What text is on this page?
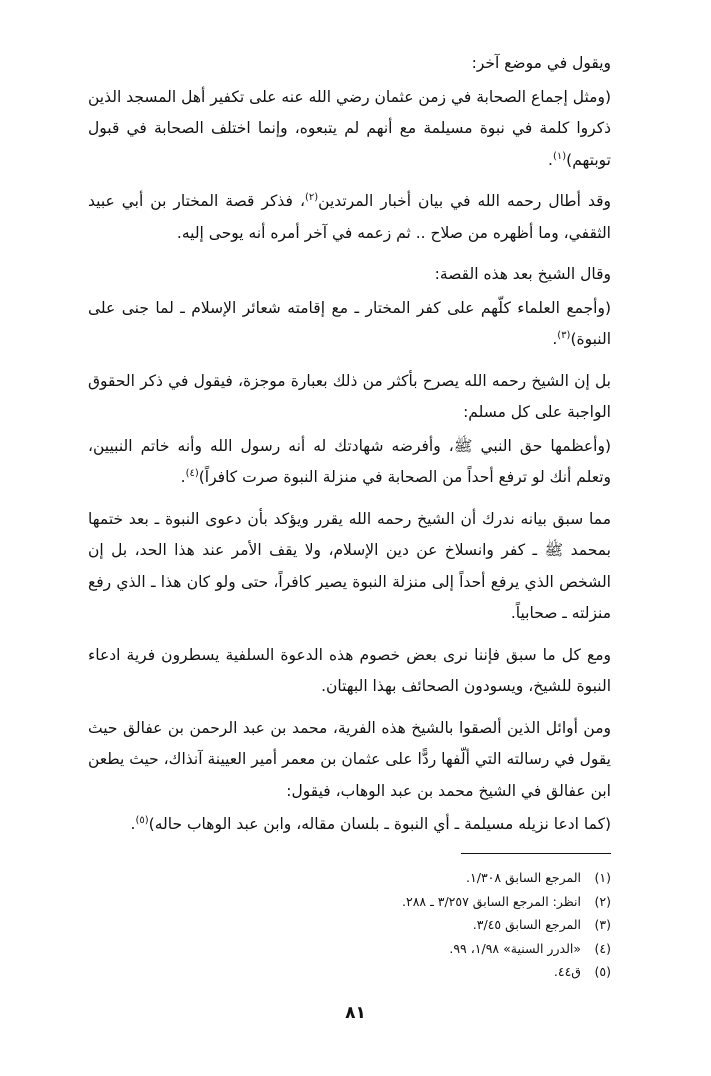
ويقول في موضع آخر:

(ومثل إجماع الصحابة في زمن عثمان رضي الله عنه على تكفير أهل المسجد الذين ذكروا كلمة في نبوة مسيلمة مع أنهم لم يتبعوه، وإنما اختلف الصحابة في قبول توبتهم)$^{(١)}$.

وقد أطال رحمه الله في بيان أخبار المرتدين$^{(٢)}$، فذكر قصة المختار بن أبي عبيد الثقفي، وما أظهره من صلاح .. ثم زعمه في آخر أمره أنه يوحى إليه.

وقال الشيخ بعد هذه القصة:

(وأجمع العلماء كلّهم على كفر المختار ـ مع إقامته شعائر الإسلام ـ لما جنى على النبوة)$^{(٣)}$.

بل إن الشيخ رحمه الله يصرح بأكثر من ذلك بعبارة موجزة، فيقول في ذكر الحقوق الواجبة على كل مسلم:

(وأعظمها حق النبي ﷺ، وأفرضه شهادتك له أنه رسول الله وأنه خاتم النبيين، وتعلم أنك لو ترفع أحداً من الصحابة في منزلة النبوة صرت كافراً)$^{(٤)}$.

مما سبق بيانه ندرك أن الشيخ رحمه الله يقرر ويؤكد بأن دعوى النبوة ـ بعد ختمها بمحمد ﷺ ـ كفر وانسلاخ عن دين الإسلام، ولا يقف الأمر عند هذا الحد، بل إن الشخص الذي يرفع أحداً إلى منزلة النبوة يصير كافراً، حتى ولو كان هذا ـ الذي رفع منزلته ـ صحابياً.

ومع كل ما سبق فإننا نرى بعض خصوم هذه الدعوة السلفية يسطرون فرية ادعاء النبوة للشيخ، ويسودون الصحائف بهذا البهتان.

ومن أوائل الذين ألصقوا بالشيخ هذه الفرية، محمد بن عبد الرحمن بن عفالق حيث يقول في رسالته التي ألّفها ردًّا على عثمان بن معمر أمير العيينة آنذاك، حيث يطعن ابن عفالق في الشيخ محمد بن عبد الوهاب، فيقول:

(كما ادعا نزيله مسيلمة ـ أي النبوة ـ بلسان مقاله، وابن عبد الوهاب حاله)$^{(٥)}$.

(١)المرجع السابق ١/٣٠٨.
(٢)انظر: المرجع السابق ٣/٢٥٧ ـ ٢٨٨.
(٣)المرجع السابق ٣/٤٥.
(٤)«الدرر السنية» ١/٩٨، ٩٩.
(٥)ق٤٤.
٨١
